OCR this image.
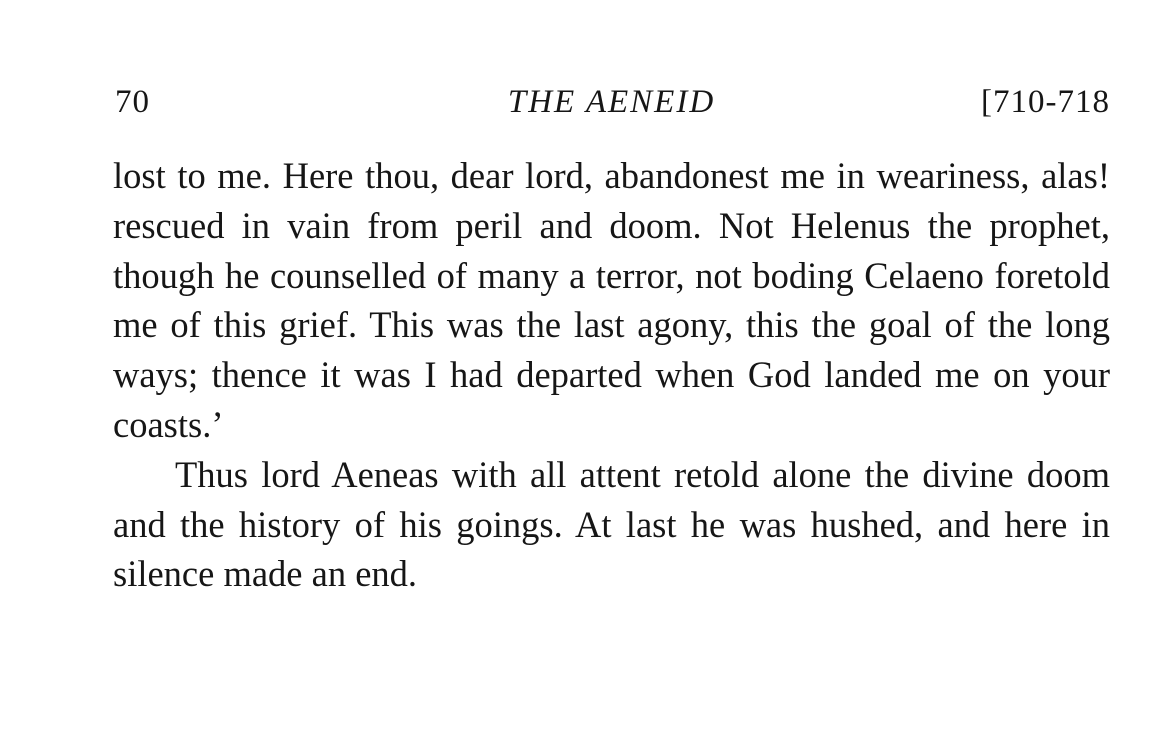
70	THE AENEID	[710-718

lost to me. Here thou, dear lord, abandonest me in weariness, alas! rescued in vain from peril and doom. Not Helenus the prophet, though he counselled of many a terror, not boding Celaeno foretold me of this grief. This was the last agony, this the goal of the long ways; thence it was I had departed when God landed me on your coasts.’

Thus lord Aeneas with all attent retold alone the divine doom and the history of his goings. At last he was hushed, and here in silence made an end.
